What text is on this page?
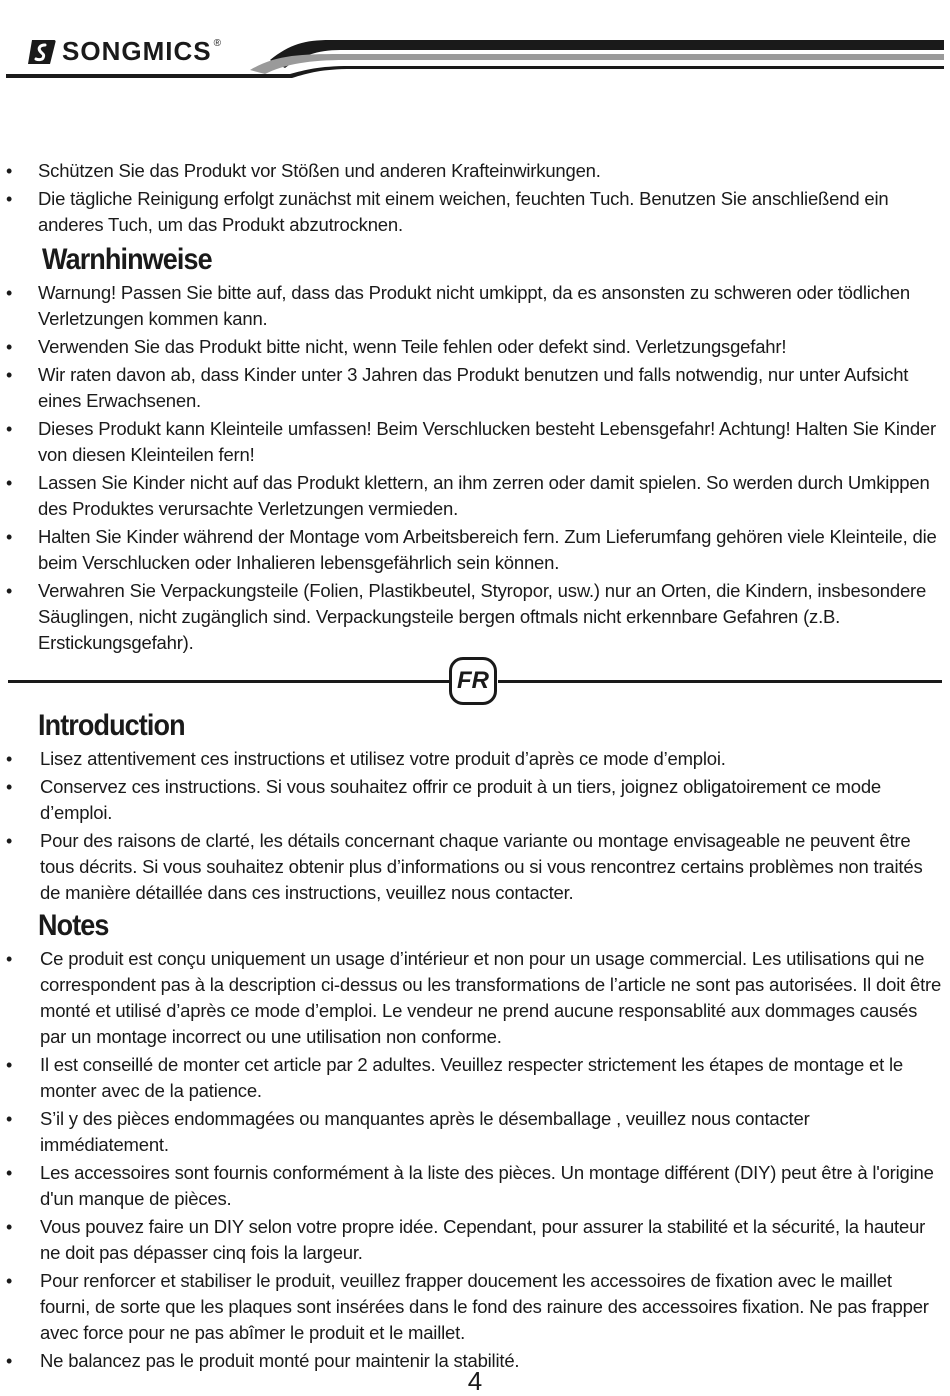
SONGMICS ®
• Schützen Sie das Produkt vor Stößen und anderen Krafteinwirkungen.
• Die tägliche Reinigung erfolgt zunächst mit einem weichen, feuchten Tuch. Benutzen Sie anschließend ein anderes Tuch, um das Produkt abzutrocknen.
Warnhinweise
• Warnung! Passen Sie bitte auf, dass das Produkt nicht umkippt, da es ansonsten zu schweren oder tödlichen Verletzungen kommen kann.
• Verwenden Sie das Produkt bitte nicht, wenn Teile fehlen oder defekt sind. Verletzungsgefahr!
• Wir raten davon ab, dass Kinder unter 3 Jahren das Produkt benutzen und falls notwendig, nur unter Aufsicht eines Erwachsenen.
• Dieses Produkt kann Kleinteile umfassen! Beim Verschlucken besteht Lebensgefahr! Achtung! Halten Sie Kinder von diesen Kleinteilen fern!
• Lassen Sie Kinder nicht auf das Produkt klettern, an ihm zerren oder damit spielen. So werden durch Umkippen des Produktes verursachte Verletzungen vermieden.
• Halten Sie Kinder während der Montage vom Arbeitsbereich fern. Zum Lieferumfang gehören viele Kleinteile, die beim Verschlucken oder Inhalieren lebensgefährlich sein können.
• Verwahren Sie Verpackungsteile (Folien, Plastikbeutel, Styropor, usw.) nur an Orten, die Kindern, insbesondere Säuglingen, nicht zugänglich sind. Verpackungsteile bergen oftmals nicht erkennbare Gefahren (z.B. Erstickungsgefahr).
FR
Introduction
• Lisez attentivement ces instructions et utilisez votre produit d’après ce mode d’emploi.
• Conservez ces instructions. Si vous souhaitez offrir ce produit à un tiers, joignez obligatoirement ce mode d’emploi.
• Pour des raisons de clarté, les détails concernant chaque variante ou montage envisageable ne peuvent être tous décrits. Si vous souhaitez obtenir plus d’informations ou si vous rencontrez certains problèmes non traités de manière détaillée dans ces instructions, veuillez nous contacter.
Notes
• Ce produit est conçu uniquement un usage d’intérieur et non pour un usage commercial. Les utilisations qui ne correspondent pas à la description ci-dessus ou les transformations de l’article ne sont pas autorisées. Il doit être monté et utilisé d’après ce mode d’emploi. Le vendeur ne prend aucune responsablité aux dommages causés par un montage incorrect ou une utilisation non conforme.
• Il est conseillé de monter cet article par 2 adultes. Veuillez respecter strictement les étapes de montage et le monter avec de la patience.
• S’il y des pièces endommagées ou manquantes après le désemballage , veuillez nous contacter immédiatement.
• Les accessoires sont fournis conformément à la liste des pièces. Un montage différent (DIY) peut être à l'origine d'un manque de pièces.
• Vous pouvez faire un DIY selon votre propre idée. Cependant, pour assurer la stabilité et la sécurité, la hauteur ne doit pas dépasser cinq fois la largeur.
• Pour renforcer et stabiliser le produit, veuillez frapper doucement les accessoires de fixation avec le maillet fourni, de sorte que les plaques sont insérées dans le fond des rainure des accessoires fixation. Ne pas frapper avec force pour ne pas abîmer le produit et le maillet.
• Ne balancez pas le produit monté pour maintenir la stabilité.
4
